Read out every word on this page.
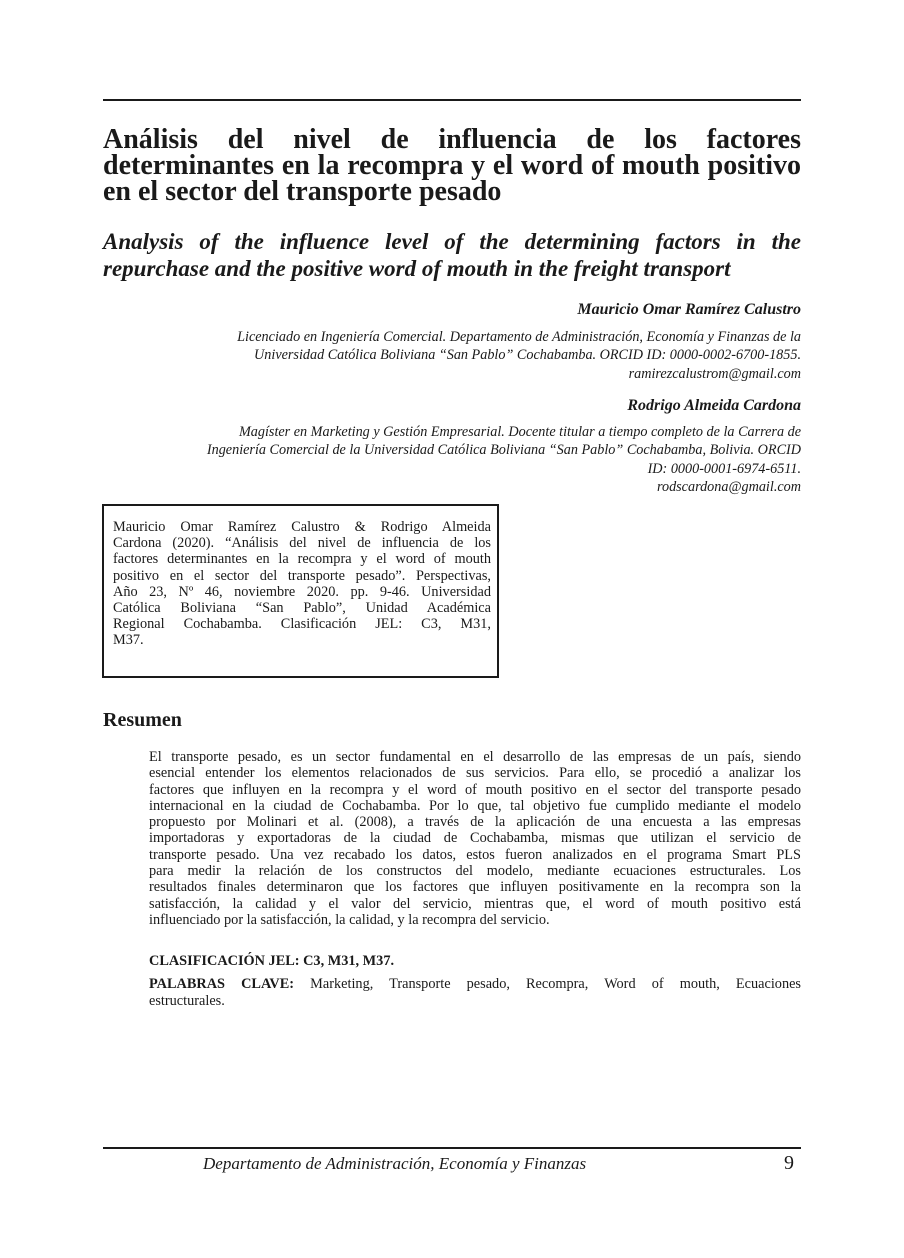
Análisis del nivel de influencia de los factores
determinantes en la recompra y el word of mouth positivo
en el sector del transporte pesado
Analysis of the influence level of the determining factors in the
repurchase and the positive word of mouth in the freight transport

Mauricio Omar Ramírez Calustro

Licenciado en Ingeniería Comercial. Departamento de Administración, Economía y Finanzas de la
Universidad Católica Boliviana “San Pablo” Cochabamba. ORCID ID: 0000-0002-6700-1855.
ramirezcalustrom@gmail.com

Rodrigo Almeida Cardona

Magíster en Marketing y Gestión Empresarial. Docente titular a tiempo completo de la Carrera de
Ingeniería Comercial de la Universidad Católica Boliviana “San Pablo” Cochabamba, Bolivia. ORCID
ID: 0000-0001-6974-6511.
rodscardona@gmail.com

Mauricio Omar Ramírez Calustro & Rodrigo Almeida
Cardona (2020). “Análisis del nivel de influencia de los
factores determinantes en la recompra y el word of mouth
positivo en el sector del transporte pesado”. Perspectivas,
Año 23, Nº 46, noviembre 2020. pp. 9-46. Universidad
Católica Boliviana “San Pablo”, Unidad Académica
Regional Cochabamba. Clasificación JEL: C3, M31,
M37.

Resumen

El transporte pesado, es un sector fundamental en el desarrollo de las empresas de un país, siendo
esencial entender los elementos relacionados de sus servicios. Para ello, se procedió a analizar los
factores que influyen en la recompra y el word of mouth positivo en el sector del transporte pesado
internacional en la ciudad de Cochabamba. Por lo que, tal objetivo fue cumplido mediante el modelo
propuesto por Molinari et al. (2008), a través de la aplicación de una encuesta a las empresas
importadoras y exportadoras de la ciudad de Cochabamba, mismas que utilizan el servicio de
transporte pesado. Una vez recabado los datos, estos fueron analizados en el programa Smart PLS
para medir la relación de los constructos del modelo, mediante ecuaciones estructurales. Los
resultados finales determinaron que los factores que influyen positivamente en la recompra son la
satisfacción, la calidad y el valor del servicio, mientras que, el word of mouth positivo está
influenciado por la satisfacción, la calidad, y la recompra del servicio.

CLASIFICACIÓN JEL: C3, M31, M37.

PALABRAS CLAVE: Marketing, Transporte pesado, Recompra, Word of mouth, Ecuaciones
estructurales.

Departamento de Administración, Economía y Finanzas	9
